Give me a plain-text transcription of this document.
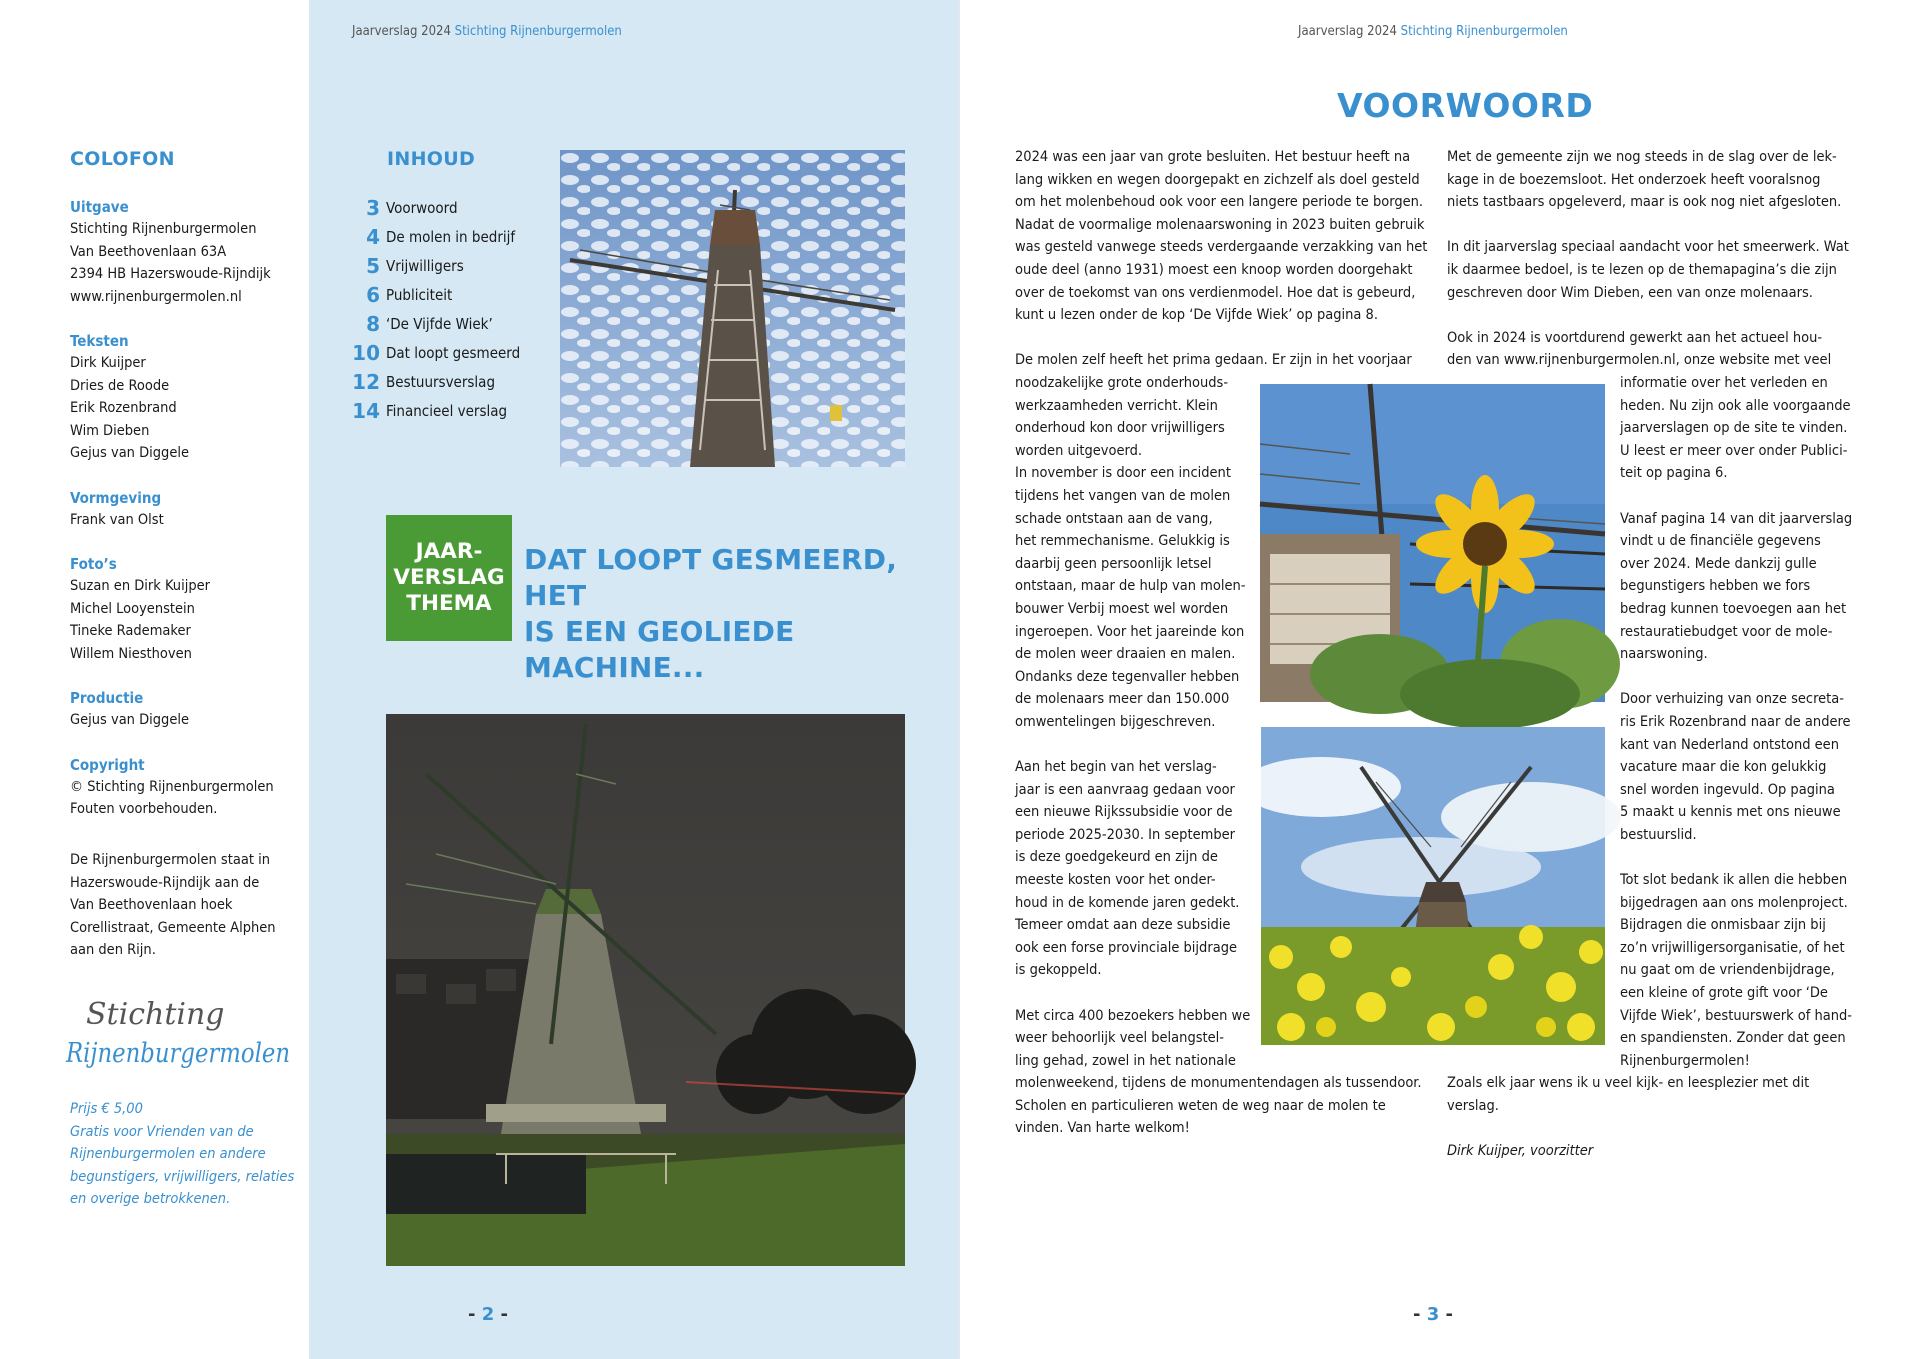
COLOFON
Uitgave
Stichting Rijnenburgermolen
Van Beethovenlaan 63A
2394 HB Hazerswoude-Rijndijk
www.rijnenburgermolen.nl
Teksten
Dirk Kuijper
Dries de Roode
Erik Rozenbrand
Wim Dieben
Gejus van Diggele
Vormgeving
Frank van Olst
Foto’s
Suzan en Dirk Kuijper
Michel Looyenstein
Tineke Rademaker
Willem Niesthoven
Productie
Gejus van Diggele
Copyright
© Stichting Rijnenburgermolen
Fouten voorbehouden.
De Rijnenburgermolen staat in
Hazerswoude-Rijndijk aan de
Van Beethovenlaan hoek
Corellistraat, Gemeente Alphen
aan den Rijn.
Stichting
Rijnenburgermolen
Prijs € 5,00
Gratis voor Vrienden van de
Rijnenburgermolen en andere
begunstigers, vrijwilligers, relaties
en overige betrokkenen.
Jaarverslag 2024 Stichting Rijnenburgermolen
INHOUD
3 Voorwoord
4 De molen in bedrijf
5 Vrijwilligers
6 Publiciteit
8 ‘De Vijfde Wiek’
10 Dat loopt gesmeerd
12 Bestuursverslag
14 Financieel verslag
JAAR-
VERSLAG
THEMA
DAT LOOPT GESMEERD, HET
IS EEN GEOLIEDE MACHINE...
- 2 -
Jaarverslag 2024 Stichting Rijnenburgermolen
VOORWOORD

2024 was een jaar van grote besluiten. Het bestuur heeft na

lang wikken en wegen doorgepakt en zichzelf als doel gesteld

om het molenbehoud ook voor een langere periode te borgen.

Nadat de voormalige molenaarswoning in 2023 buiten gebruik

was gesteld vanwege steeds verdergaande verzakking van het

oude deel (anno 1931) moest een knoop worden doorgehakt

over de toekomst van ons verdienmodel. Hoe dat is gebeurd,

kunt u lezen onder de kop ‘De Vijfde Wiek’ op pagina 8.

De molen zelf heeft het prima gedaan. Er zijn in het voorjaar

noodzakelijke grote onderhouds-

werkzaamheden verricht. Klein

onderhoud kon door vrijwilligers

worden uitgevoerd.

In november is door een incident

tijdens het vangen van de molen

schade ontstaan aan de vang,

het remmechanisme. Gelukkig is

daarbij geen persoonlijk letsel

ontstaan, maar de hulp van molen-

bouwer Verbij moest wel worden

ingeroepen. Voor het jaareinde kon

de molen weer draaien en malen.

Ondanks deze tegenvaller hebben

de molenaars meer dan 150.000

omwentelingen bijgeschreven.

Aan het begin van het verslag-

jaar is een aanvraag gedaan voor

een nieuwe Rijkssubsidie voor de

periode 2025-2030. In september

is deze goedgekeurd en zijn de

meeste kosten voor het onder-

houd in de komende jaren gedekt.

Temeer omdat aan deze subsidie

ook een forse provinciale bijdrage

is gekoppeld.

Met circa 400 bezoekers hebben we

weer behoorlijk veel belangstel-

ling gehad, zowel in het nationale

molenweekend, tijdens de monumentendagen als tussendoor.

Scholen en particulieren weten de weg naar de molen te

vinden. Van harte welkom!

Met de gemeente zijn we nog steeds in de slag over de lek-

kage in de boezemsloot. Het onderzoek heeft vooralsnog

niets tastbaars opgeleverd, maar is ook nog niet afgesloten.

In dit jaarverslag speciaal aandacht voor het smeerwerk. Wat

ik daarmee bedoel, is te lezen op de themapagina’s die zijn

geschreven door Wim Dieben, een van onze molenaars.

Ook in 2024 is voortdurend gewerkt aan het actueel hou-

den van www.rijnenburgermolen.nl, onze website met veel

informatie over het verleden en

heden. Nu zijn ook alle voorgaande

jaarverslagen op de site te vinden.

U leest er meer over onder Publici-

teit op pagina 6.

Vanaf pagina 14 van dit jaarverslag

vindt u de financiële gegevens

over 2024. Mede dankzij gulle

begunstigers hebben we fors

bedrag kunnen toevoegen aan het

restauratiebudget voor de mole-

naarswoning.

Door verhuizing van onze secreta-

ris Erik Rozenbrand naar de andere

kant van Nederland ontstond een

vacature maar die kon gelukkig

snel worden ingevuld. Op pagina

5 maakt u kennis met ons nieuwe

bestuurslid.

Tot slot bedank ik allen die hebben

bijgedragen aan ons molenproject.

Bijdragen die onmisbaar zijn bij

zo’n vrijwilligersorganisatie, of het

nu gaat om de vriendenbijdrage,

een kleine of grote gift voor ‘De

Vijfde Wiek’, bestuurswerk of hand-

en spandiensten. Zonder dat geen

Rijnenburgermolen!

Zoals elk jaar wens ik u veel kijk- en leesplezier met dit

verslag.

Dirk Kuijper, voorzitter
- 3 -
